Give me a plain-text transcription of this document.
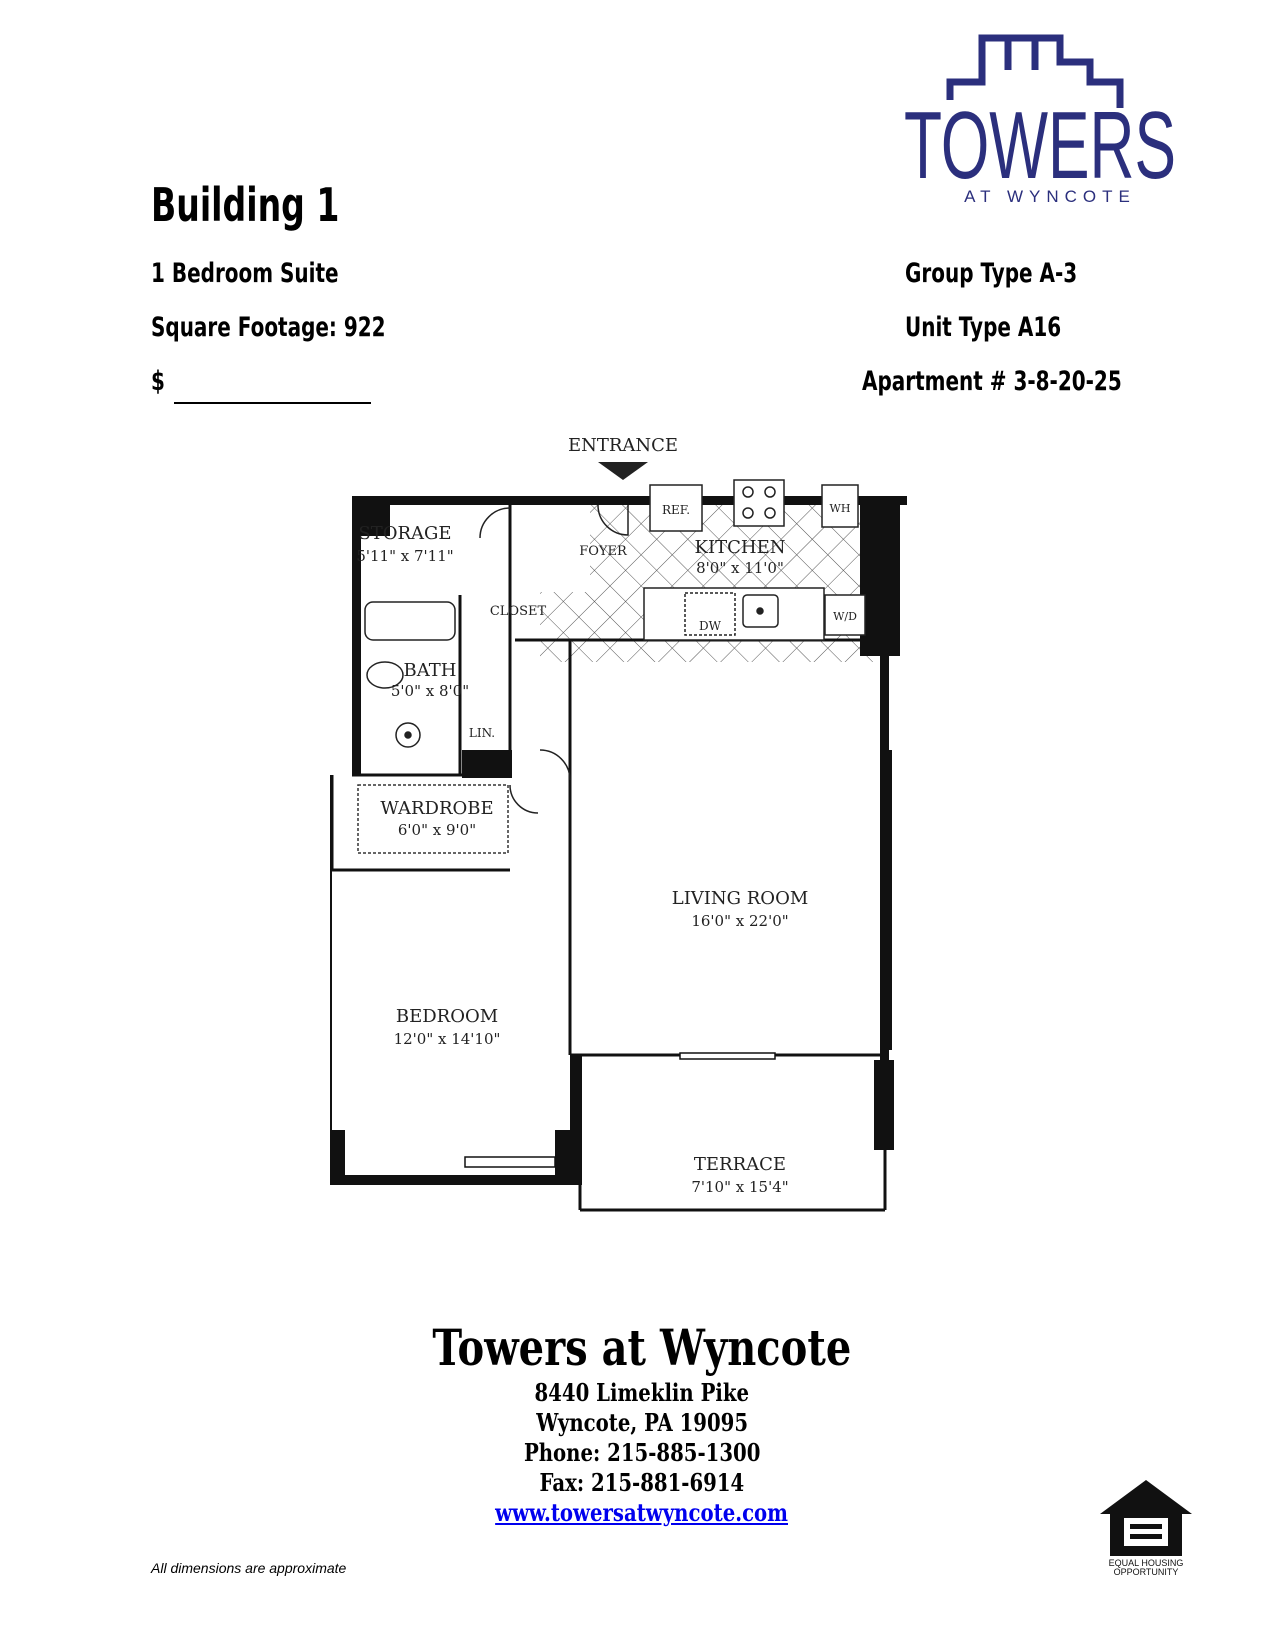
TOWERS
AT WYNCOTE
Building 1
1 Bedroom Suite
Square Footage: 922
$
Group Type A-3
Unit Type A16
Apartment # 3-8-20-25
ENTRANCE
STORAGE
5'11" x 7'11"	FOYER	KITCHEN
8'0" x 11'0"
CLOSET
BATH
5'0" x 8'0"
LIN.
WARDROBE
6'0" x 9'0"
LIVING ROOM
16'0" x 22'0"
BEDROOM
12'0" x 14'10"
TERRACE
7'10" x 15'4"
REF.
DW
W/D
WH
Towers at Wyncote
8440 Limeklin Pike
Wyncote, PA 19095
Phone: 215-885-1300
Fax: 215-881-6914
www.towersatwyncote.com
All dimensions are approximate	EQUAL HOUSING
OPPORTUNITY
